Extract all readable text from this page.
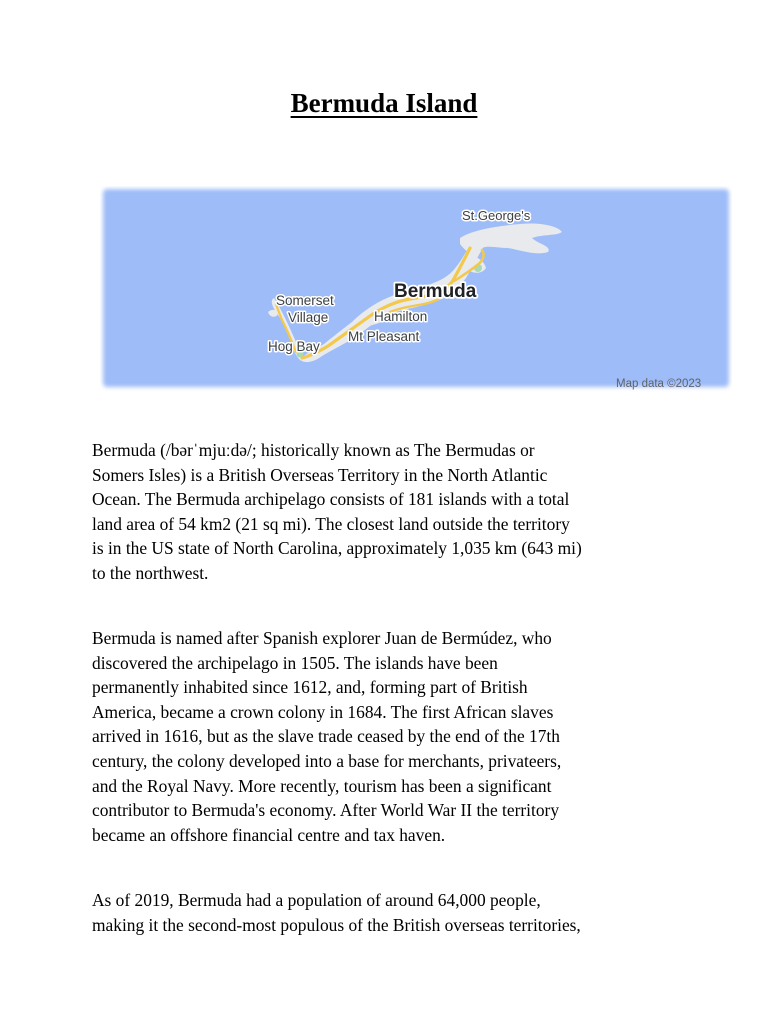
Bermuda Island
St.George's
Bermuda
Somerset
Village	Hamilton
Mt Pleasant
Hog Bay
Map data ©2023

Bermuda (/bərˈmjuːdə/; historically known as The Bermudas or
Somers Isles) is a British Overseas Territory in the North Atlantic
Ocean. The Bermuda archipelago consists of 181 islands with a total
land area of 54 km2 (21 sq mi). The closest land outside the territory
is in the US state of North Carolina, approximately 1,035 km (643 mi)
to the northwest.

Bermuda is named after Spanish explorer Juan de Bermúdez, who
discovered the archipelago in 1505. The islands have been
permanently inhabited since 1612, and, forming part of British
America, became a crown colony in 1684. The first African slaves
arrived in 1616, but as the slave trade ceased by the end of the 17th
century, the colony developed into a base for merchants, privateers,
and the Royal Navy. More recently, tourism has been a significant
contributor to Bermuda's economy. After World War II the territory
became an offshore financial centre and tax haven.

As of 2019, Bermuda had a population of around 64,000 people,
making it the second-most populous of the British overseas territories,
